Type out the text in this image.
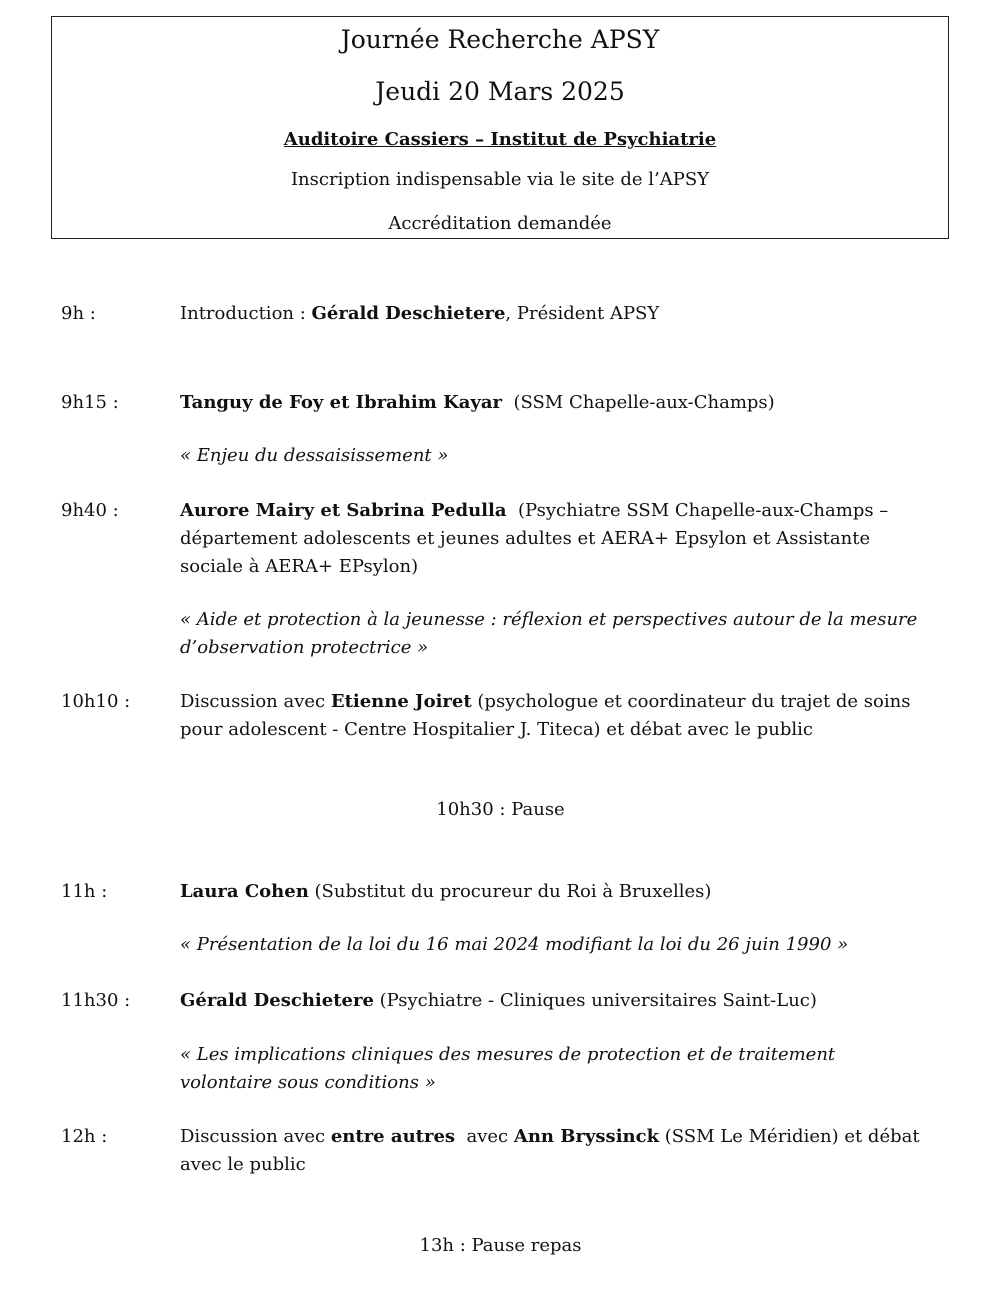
Journée Recherche APSY
Jeudi 20 Mars 2025
Auditoire Cassiers – Institut de Psychiatrie
Inscription indispensable via le site de l’APSY
Accréditation demandée
9h :	Introduction : Gérald Deschietere, Président APSY
9h15 :	Tanguy de Foy et Ibrahim Kayar  (SSM Chapelle-aux-Champs)
« Enjeu du dessaisissement »
9h40 :	Aurore Mairy et Sabrina Pedulla  (Psychiatre SSM Chapelle-aux-Champs – département adolescents et jeunes adultes et AERA+ Epsylon et Assistante sociale à AERA+ EPsylon)
« Aide et protection à la jeunesse : réflexion et perspectives autour de la mesure d’observation protectrice »
10h10 :	Discussion avec Etienne Joiret (psychologue et coordinateur du trajet de soins pour adolescent - Centre Hospitalier J. Titeca) et débat avec le public
10h30 : Pause
11h :	Laura Cohen (Substitut du procureur du Roi à Bruxelles)
« Présentation de la loi du 16 mai 2024 modifiant la loi du 26 juin 1990 »
11h30 :	Gérald Deschietere (Psychiatre - Cliniques universitaires Saint-Luc)
« Les implications cliniques des mesures de protection et de traitement volontaire sous conditions »
12h :	Discussion avec entre autres  avec Ann Bryssinck (SSM Le Méridien) et débat avec le public
13h : Pause repas
